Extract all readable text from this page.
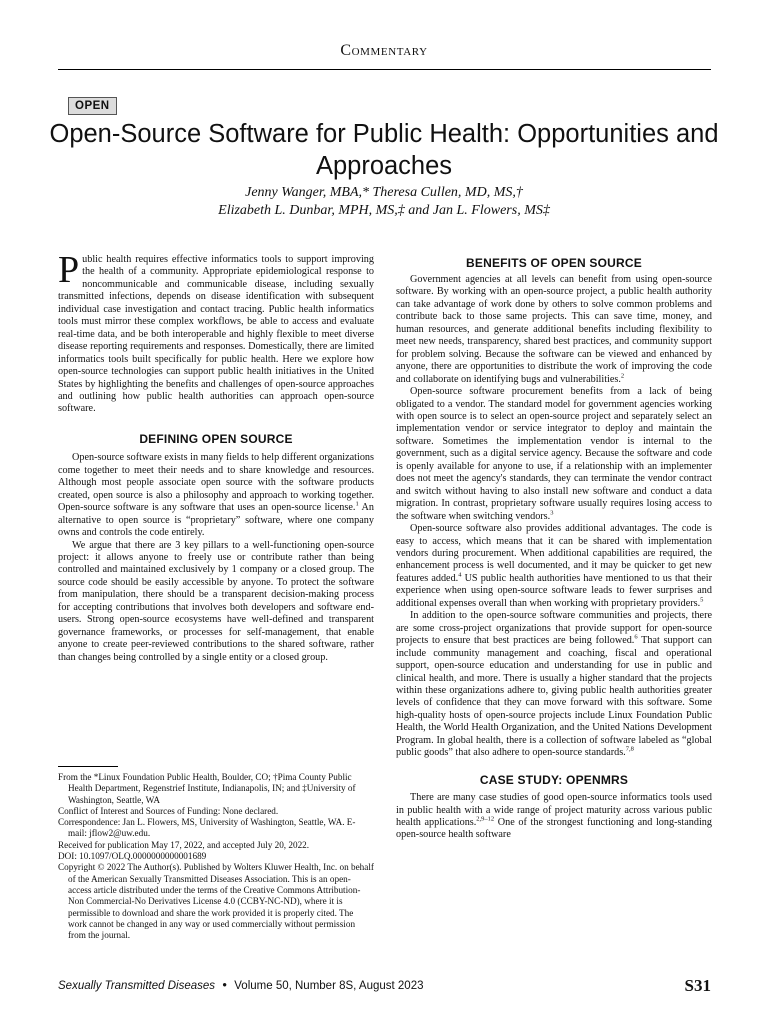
Commentary
OPEN
Open-Source Software for Public Health: Opportunities and Approaches
Jenny Wanger, MBA,* Theresa Cullen, MD, MS,†
Elizabeth L. Dunbar, MPH, MS,‡ and Jan L. Flowers, MS‡

Public health requires effective informatics tools to support improving the health of a community. Appropriate epidemiological response to noncommunicable and communicable disease, including sexually transmitted infections, depends on disease identification with subsequent individual case investigation and contact tracing. Public health informatics tools must mirror these complex workflows, be able to access and evaluate real-time data, and be both interoperable and highly flexible to meet diverse disease reporting requirements and responses. Domestically, there are limited informatics tools built specifically for public health. Here we explore how open-source technologies can support public health initiatives in the United States by highlighting the benefits and challenges of open-source approaches and outlining how public health authorities can approach open-source software.

DEFINING OPEN SOURCE

Open-source software exists in many fields to help different organizations come together to meet their needs and to share knowledge and resources. Although most people associate open source with the software products created, open source is also a philosophy and approach to working together. Open-source software is any software that uses an open-source license.$^1$ An alternative to open source is “proprietary” software, where one company owns and controls the code entirely.

We argue that there are 3 key pillars to a well-functioning open-source project: it allows anyone to freely use or contribute rather than being controlled and maintained exclusively by 1 company or a closed group. The source code should be easily accessible by anyone. To protect the software from manipulation, there should be a transparent decision-making process for accepting contributions that involves both developers and software end-users. Strong open-source ecosystems have well-defined and transparent governance frameworks, or processes for self-management, that enable anyone to create peer-reviewed contributions to the shared software, rather than changes being controlled by a single entity or a closed group.

From the *Linux Foundation Public Health, Boulder, CO; †Pima County Public Health Department, Regenstrief Institute, Indianapolis, IN; and ‡University of Washington, Seattle, WA

Conflict of Interest and Sources of Funding: None declared.

Correspondence: Jan L. Flowers, MS, University of Washington, Seattle, WA. E-mail: jflow2@uw.edu.

Received for publication May 17, 2022, and accepted July 20, 2022.

DOI: 10.1097/OLQ.0000000000001689

Copyright © 2022 The Author(s). Published by Wolters Kluwer Health, Inc. on behalf of the American Sexually Transmitted Diseases Association. This is an open-access article distributed under the terms of the Creative Commons Attribution-Non Commercial-No Derivatives License 4.0 (CCBY-NC-ND), where it is permissible to download and share the work provided it is properly cited. The work cannot be changed in any way or used commercially without permission from the journal.

BENEFITS OF OPEN SOURCE

Government agencies at all levels can benefit from using open-source software. By working with an open-source project, a public health authority can take advantage of work done by others to solve common problems and contribute back to those same projects. This can save time, money, and human resources, and generate additional benefits including flexibility to meet new needs, transparency, shared best practices, and community support for problem solving. Because the software can be viewed and enhanced by anyone, there are opportunities to distribute the work of improving the code and collaborate on identifying bugs and vulnerabilities.$^2$

Open-source software procurement benefits from a lack of being obligated to a vendor. The standard model for government agencies working with open source is to select an open-source project and separately select an implementation vendor or service integrator to deploy and maintain the software. Sometimes the implementation vendor is internal to the government, such as a digital service agency. Because the software and code is openly available for anyone to use, if a relationship with an implementer does not meet the agency's standards, they can terminate the vendor contract and switch without having to also install new software and conduct a data migration. In contrast, proprietary software usually requires losing access to the software when switching vendors.$^3$

Open-source software also provides additional advantages. The code is easy to access, which means that it can be shared with implementation vendors during procurement. When additional capabilities are required, the enhancement process is well documented, and it may be quicker to get new features added.$^4$ US public health authorities have mentioned to us that their experience when using open-source software leads to fewer surprises and additional expenses overall than when working with proprietary providers.$^5$

In addition to the open-source software communities and projects, there are some cross-project organizations that provide support for open-source projects to ensure that best practices are being followed.$^6$ That support can include community management and coaching, fiscal and operational support, open-source education and understanding for use in public and clinical health, and more. There is usually a higher standard that the projects within these organizations adhere to, giving public health authorities greater levels of confidence that they can move forward with this software. Some high-quality hosts of open-source projects include Linux Foundation Public Health, the World Health Organization, and the United Nations Development Program. In global health, there is a collection of software labeled as “global public goods” that also adhere to open-source standards.$^{7,8}$

CASE STUDY: OPENMRS

There are many case studies of good open-source informatics tools used in public health with a wide range of project maturity across various public health applications.$^{2,9-12}$ One of the strongest functioning and long-standing open-source health software

Sexually Transmitted Diseases ● Volume 50, Number 8S, August 2023	S31
